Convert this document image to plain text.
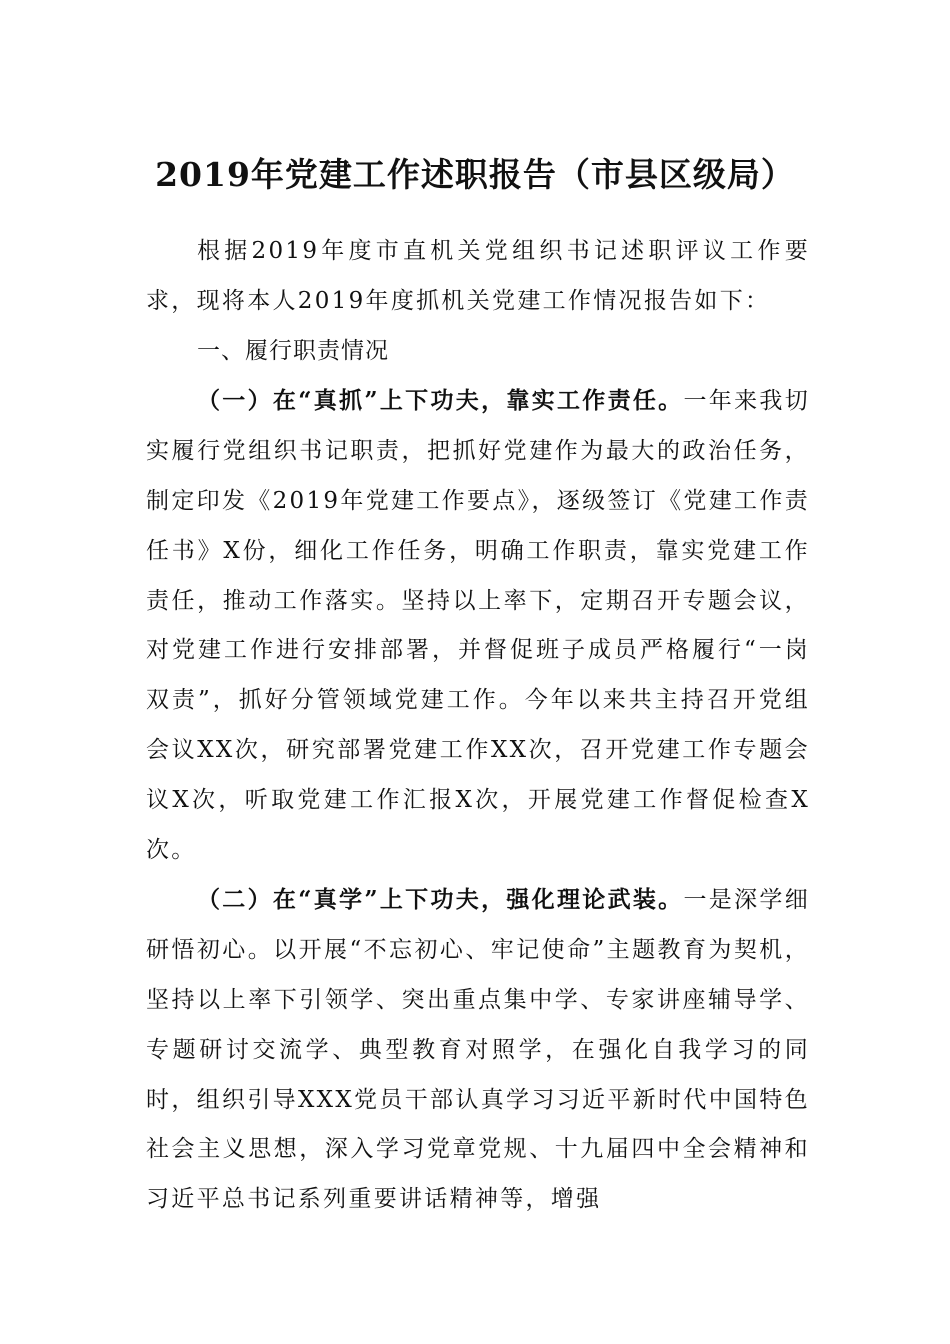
2019年党建工作述职报告（市县区级局）

根据2019年度市直机关党组织书记述职评议工作要求，现将本人2019年度抓机关党建工作情况报告如下：

一、履行职责情况

（一）在“真抓”上下功夫，靠实工作责任。一年来我切实履行党组织书记职责，把抓好党建作为最大的政治任务，制定印发《2019年党建工作要点》，逐级签订《党建工作责任书》X份，细化工作任务，明确工作职责，靠实党建工作责任，推动工作落实。坚持以上率下，定期召开专题会议，对党建工作进行安排部署，并督促班子成员严格履行“一岗双责”，抓好分管领域党建工作。今年以来共主持召开党组会议XX次，研究部署党建工作XX次，召开党建工作专题会议X次，听取党建工作汇报X次，开展党建工作督促检查X次。

（二）在“真学”上下功夫，强化理论武装。一是深学细研悟初心。以开展“不忘初心、牢记使命”主题教育为契机，坚持以上率下引领学、突出重点集中学、专家讲座辅导学、专题研讨交流学、典型教育对照学，在强化自我学习的同时，组织引导XXX党员干部认真学习习近平新时代中国特色社会主义思想，深入学习党章党规、十九届四中全会精神和习近平总书记系列重要讲话精神等，增强
